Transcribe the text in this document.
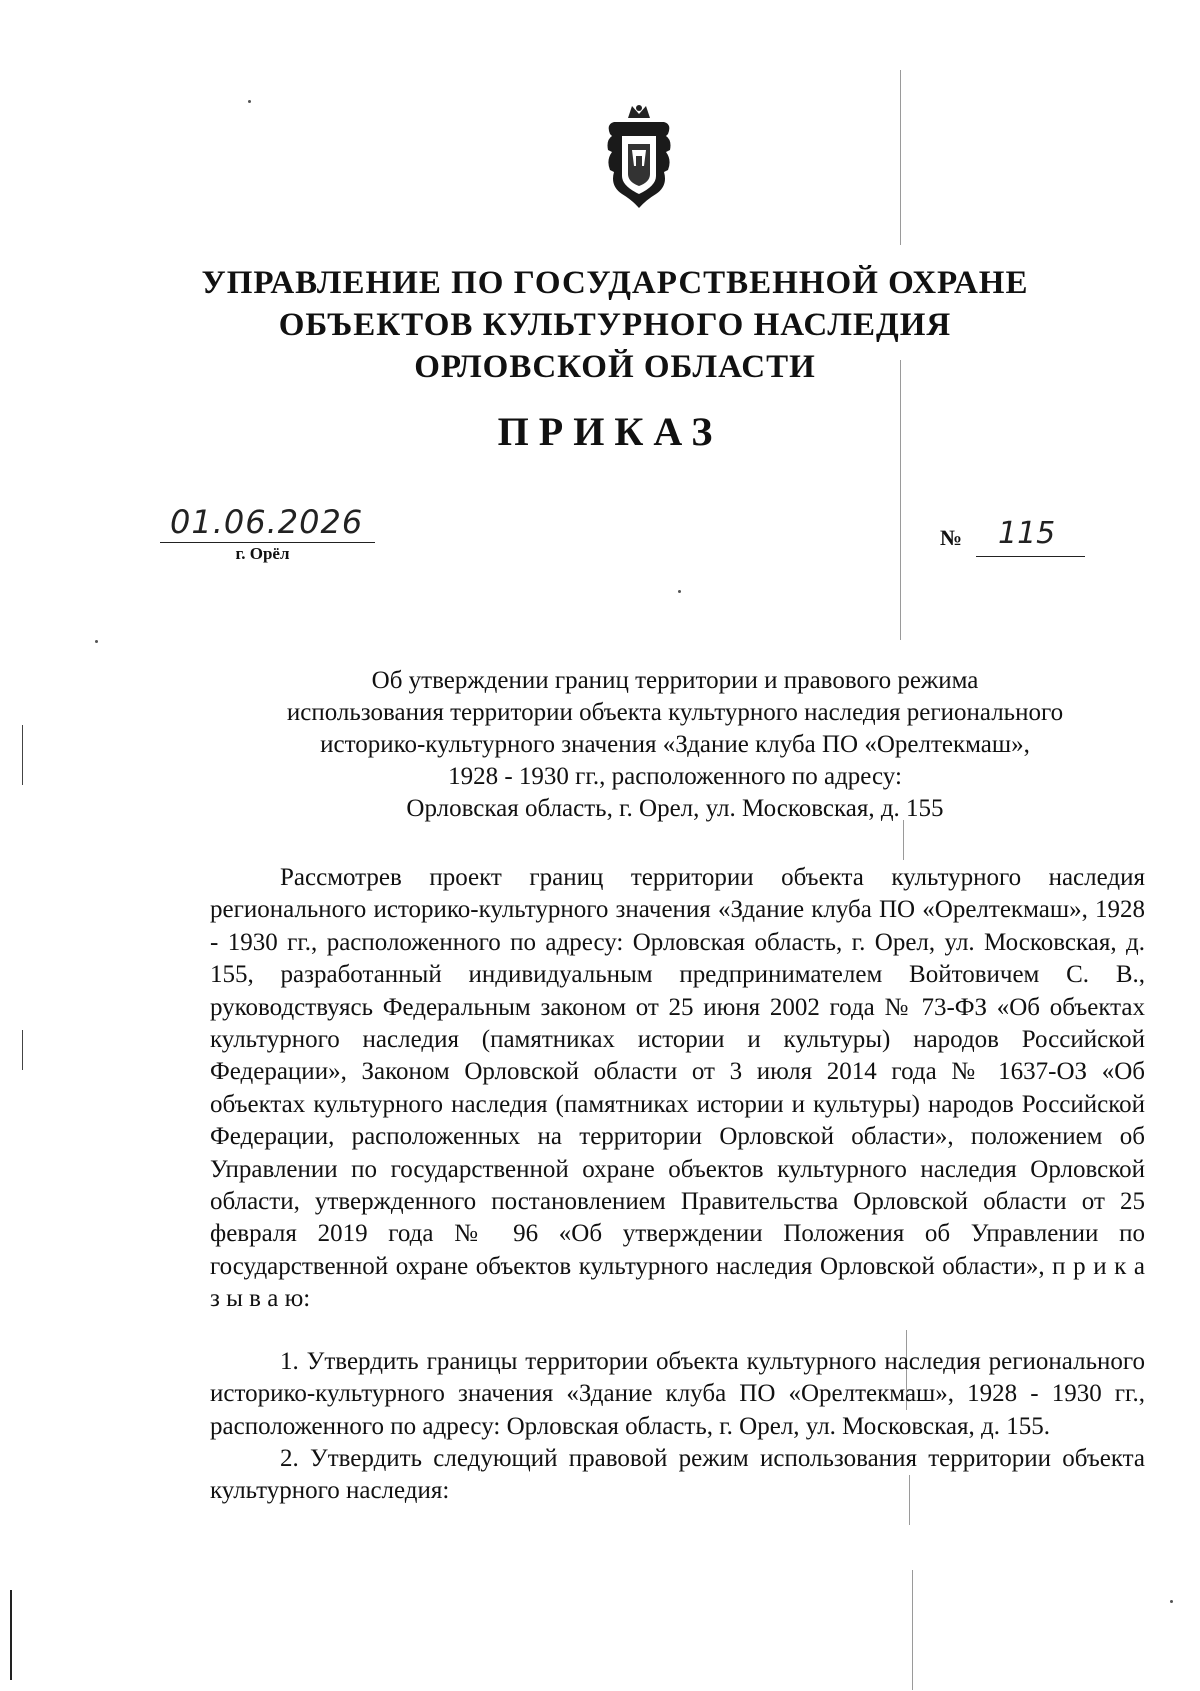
УПРАВЛЕНИЕ ПО ГОСУДАРСТВЕННОЙ ОХРАНЕ
ОБЪЕКТОВ КУЛЬТУРНОГО НАСЛЕДИЯ
ОРЛОВСКОЙ ОБЛАСТИ
ПРИКАЗ
01.06.2026
г. Орёл
№ 115
Об утверждении границ территории и правового режима
использования территории объекта культурного наследия регионального
историко-культурного значения «Здание клуба ПО «Орелтекмаш»,
1928 - 1930 гг., расположенного по адресу:
Орловская область, г. Орел, ул. Московская, д. 155

Рассмотрев проект границ территории объекта культурного наследия регионального историко-культурного значения «Здание клуба ПО «Орелтекмаш», 1928 - 1930 гг., расположенного по адресу: Орловская область, г. Орел, ул. Московская, д. 155, разработанный индивидуальным предпринимателем Войтовичем С. В., руководствуясь Федеральным законом от 25 июня 2002 года № 73-ФЗ «Об объектах культурного наследия (памятниках истории и культуры) народов Российской Федерации», Законом Орловской области от 3 июля 2014 года № 1637-ОЗ «Об объектах культурного наследия (памятниках истории и культуры) народов Российской Федерации, расположенных на территории Орловской области», положением об Управлении по государственной охране объектов культурного наследия Орловской области, утвержденного постановлением Правительства Орловской области от 25 февраля 2019 года № 96 «Об утверждении Положения об Управлении по государственной охране объектов культурного наследия Орловской области», п р и к а з ы в а ю:

1. Утвердить границы территории объекта культурного наследия регионального историко-культурного значения «Здание клуба ПО «Орелтекмаш», 1928 - 1930 гг., расположенного по адресу: Орловская область, г. Орел, ул. Московская, д. 155.

2. Утвердить следующий правовой режим использования территории объекта культурного наследия:
